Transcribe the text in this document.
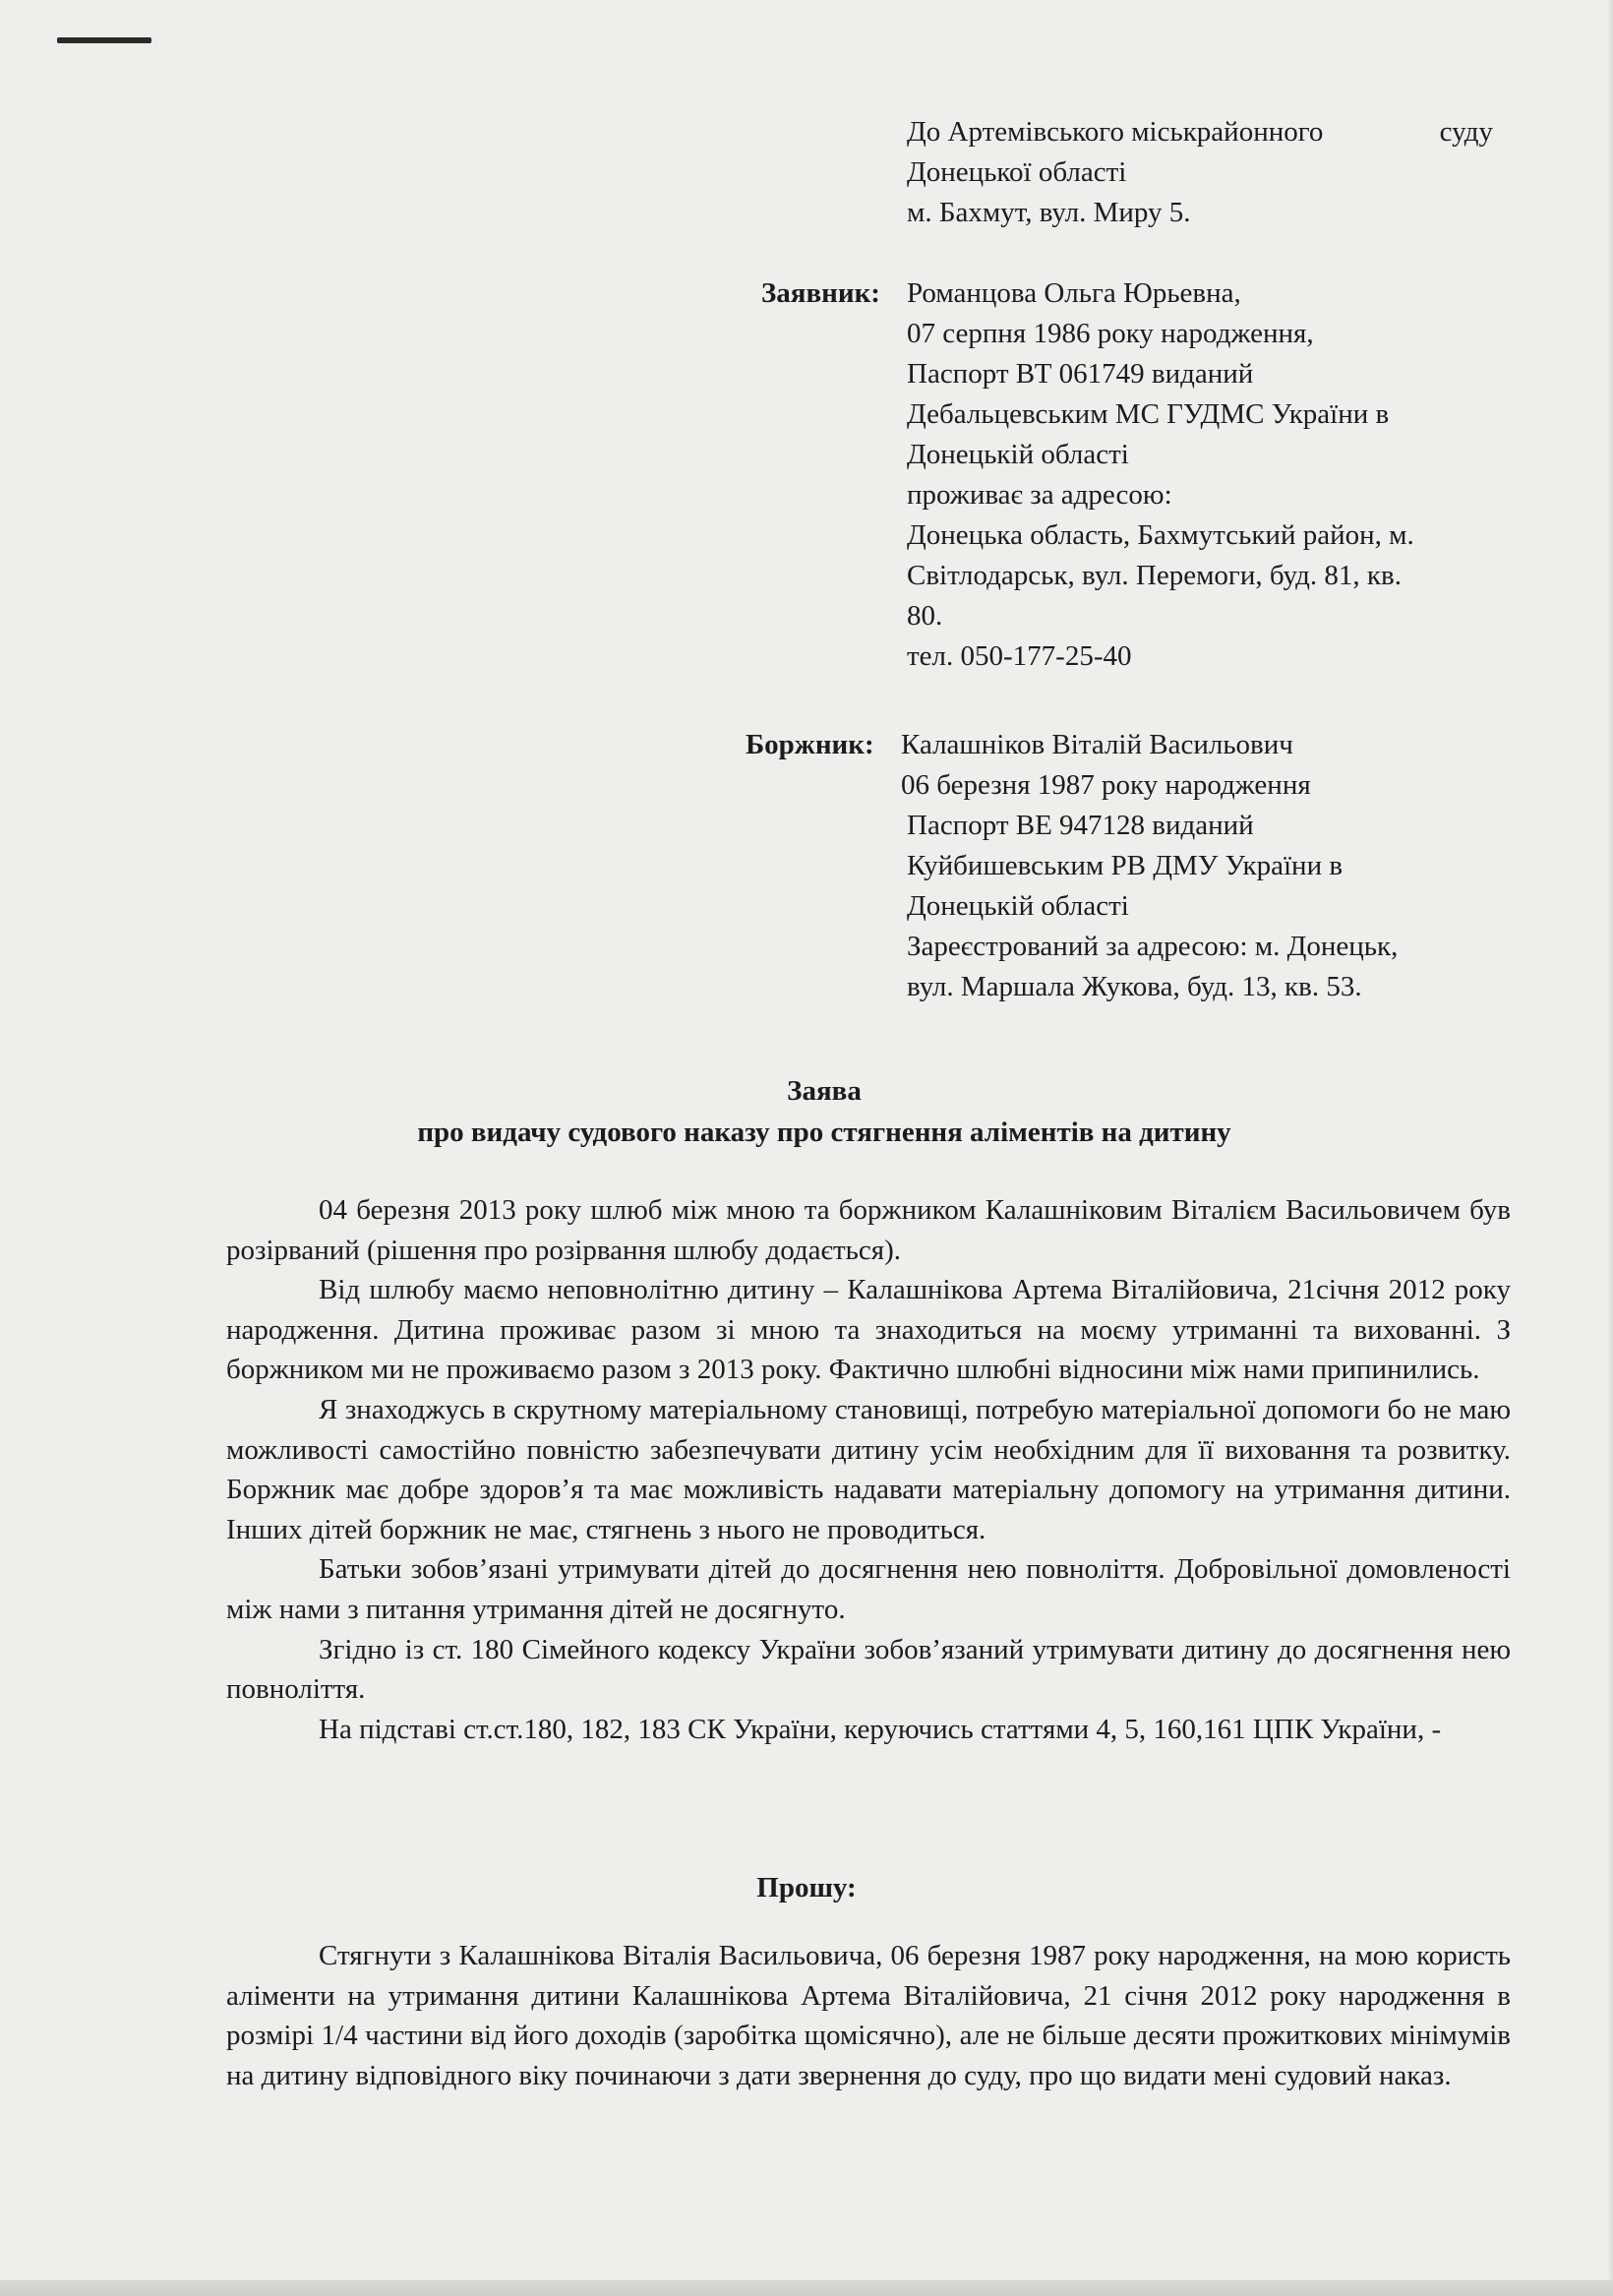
До Артемівського міськрайонного	суду
Донецької області
м. Бахмут, вул. Миру 5.
Заявник: Романцова Ольга Юрьевна,
07 серпня 1986 року народження,
Паспорт ВТ 061749 виданий
Дебальцевським МС ГУДМС України в
Донецькій області
проживає за адресою:
Донецька область, Бахмутський район, м.
Світлодарськ, вул. Перемоги, буд. 81, кв.
80.
тел. 050-177-25-40
Боржник: Калашніков Віталій Васильович
06 березня 1987 року народження
Паспорт ВЕ 947128 виданий
Куйбишевським РВ ДМУ України в
Донецькій області
Зареєстрований за адресою: м. Донецьк,
вул. Маршала Жукова, буд. 13, кв. 53.
Заява
про видачу судового наказу про стягнення аліментів на дитину

04 березня 2013 року шлюб між мною та боржником Калашніковим Віталієм Васильовичем був розірваний (рішення про розірвання шлюбу додається).

Від шлюбу маємо неповнолітню дитину – Калашнікова Артема Віталійовича, 21січня 2012 року народження. Дитина проживає разом зі мною та знаходиться на моєму утриманні та вихованні. З боржником ми не проживаємо разом з 2013 року. Фактично шлюбні відносини між нами припинились.

Я знаходжусь в скрутному матеріальному становищі, потребую матеріальної допомоги бо не маю можливості самостійно повністю забезпечувати дитину усім необхідним для її виховання та розвитку. Боржник має добре здоров’я та має можливість надавати матеріальну допомогу на утримання дитини. Інших дітей боржник не має, стягнень з нього не проводиться.

Батьки зобов’язані утримувати дітей до досягнення нею повноліття. Добровільної домовленості між нами з питання утримання дітей не досягнуто.

Згідно із ст. 180 Сімейного кодексу України зобов’язаний утримувати дитину до досягнення нею повноліття.

На підставі ст.ст.180, 182, 183 СК України, керуючись статтями 4, 5, 160,161 ЦПК України, -

Прошу:

Стягнути з Калашнікова Віталія Васильовича, 06 березня 1987 року народження, на мою користь аліменти на утримання дитини Калашнікова Артема Віталійовича, 21 січня 2012 року народження в розмірі 1/4 частини від його доходів (заробітка щомісячно), але не більше десяти прожиткових мінімумів на дитину відповідного віку починаючи з дати звернення до суду, про що видати мені судовий наказ.
